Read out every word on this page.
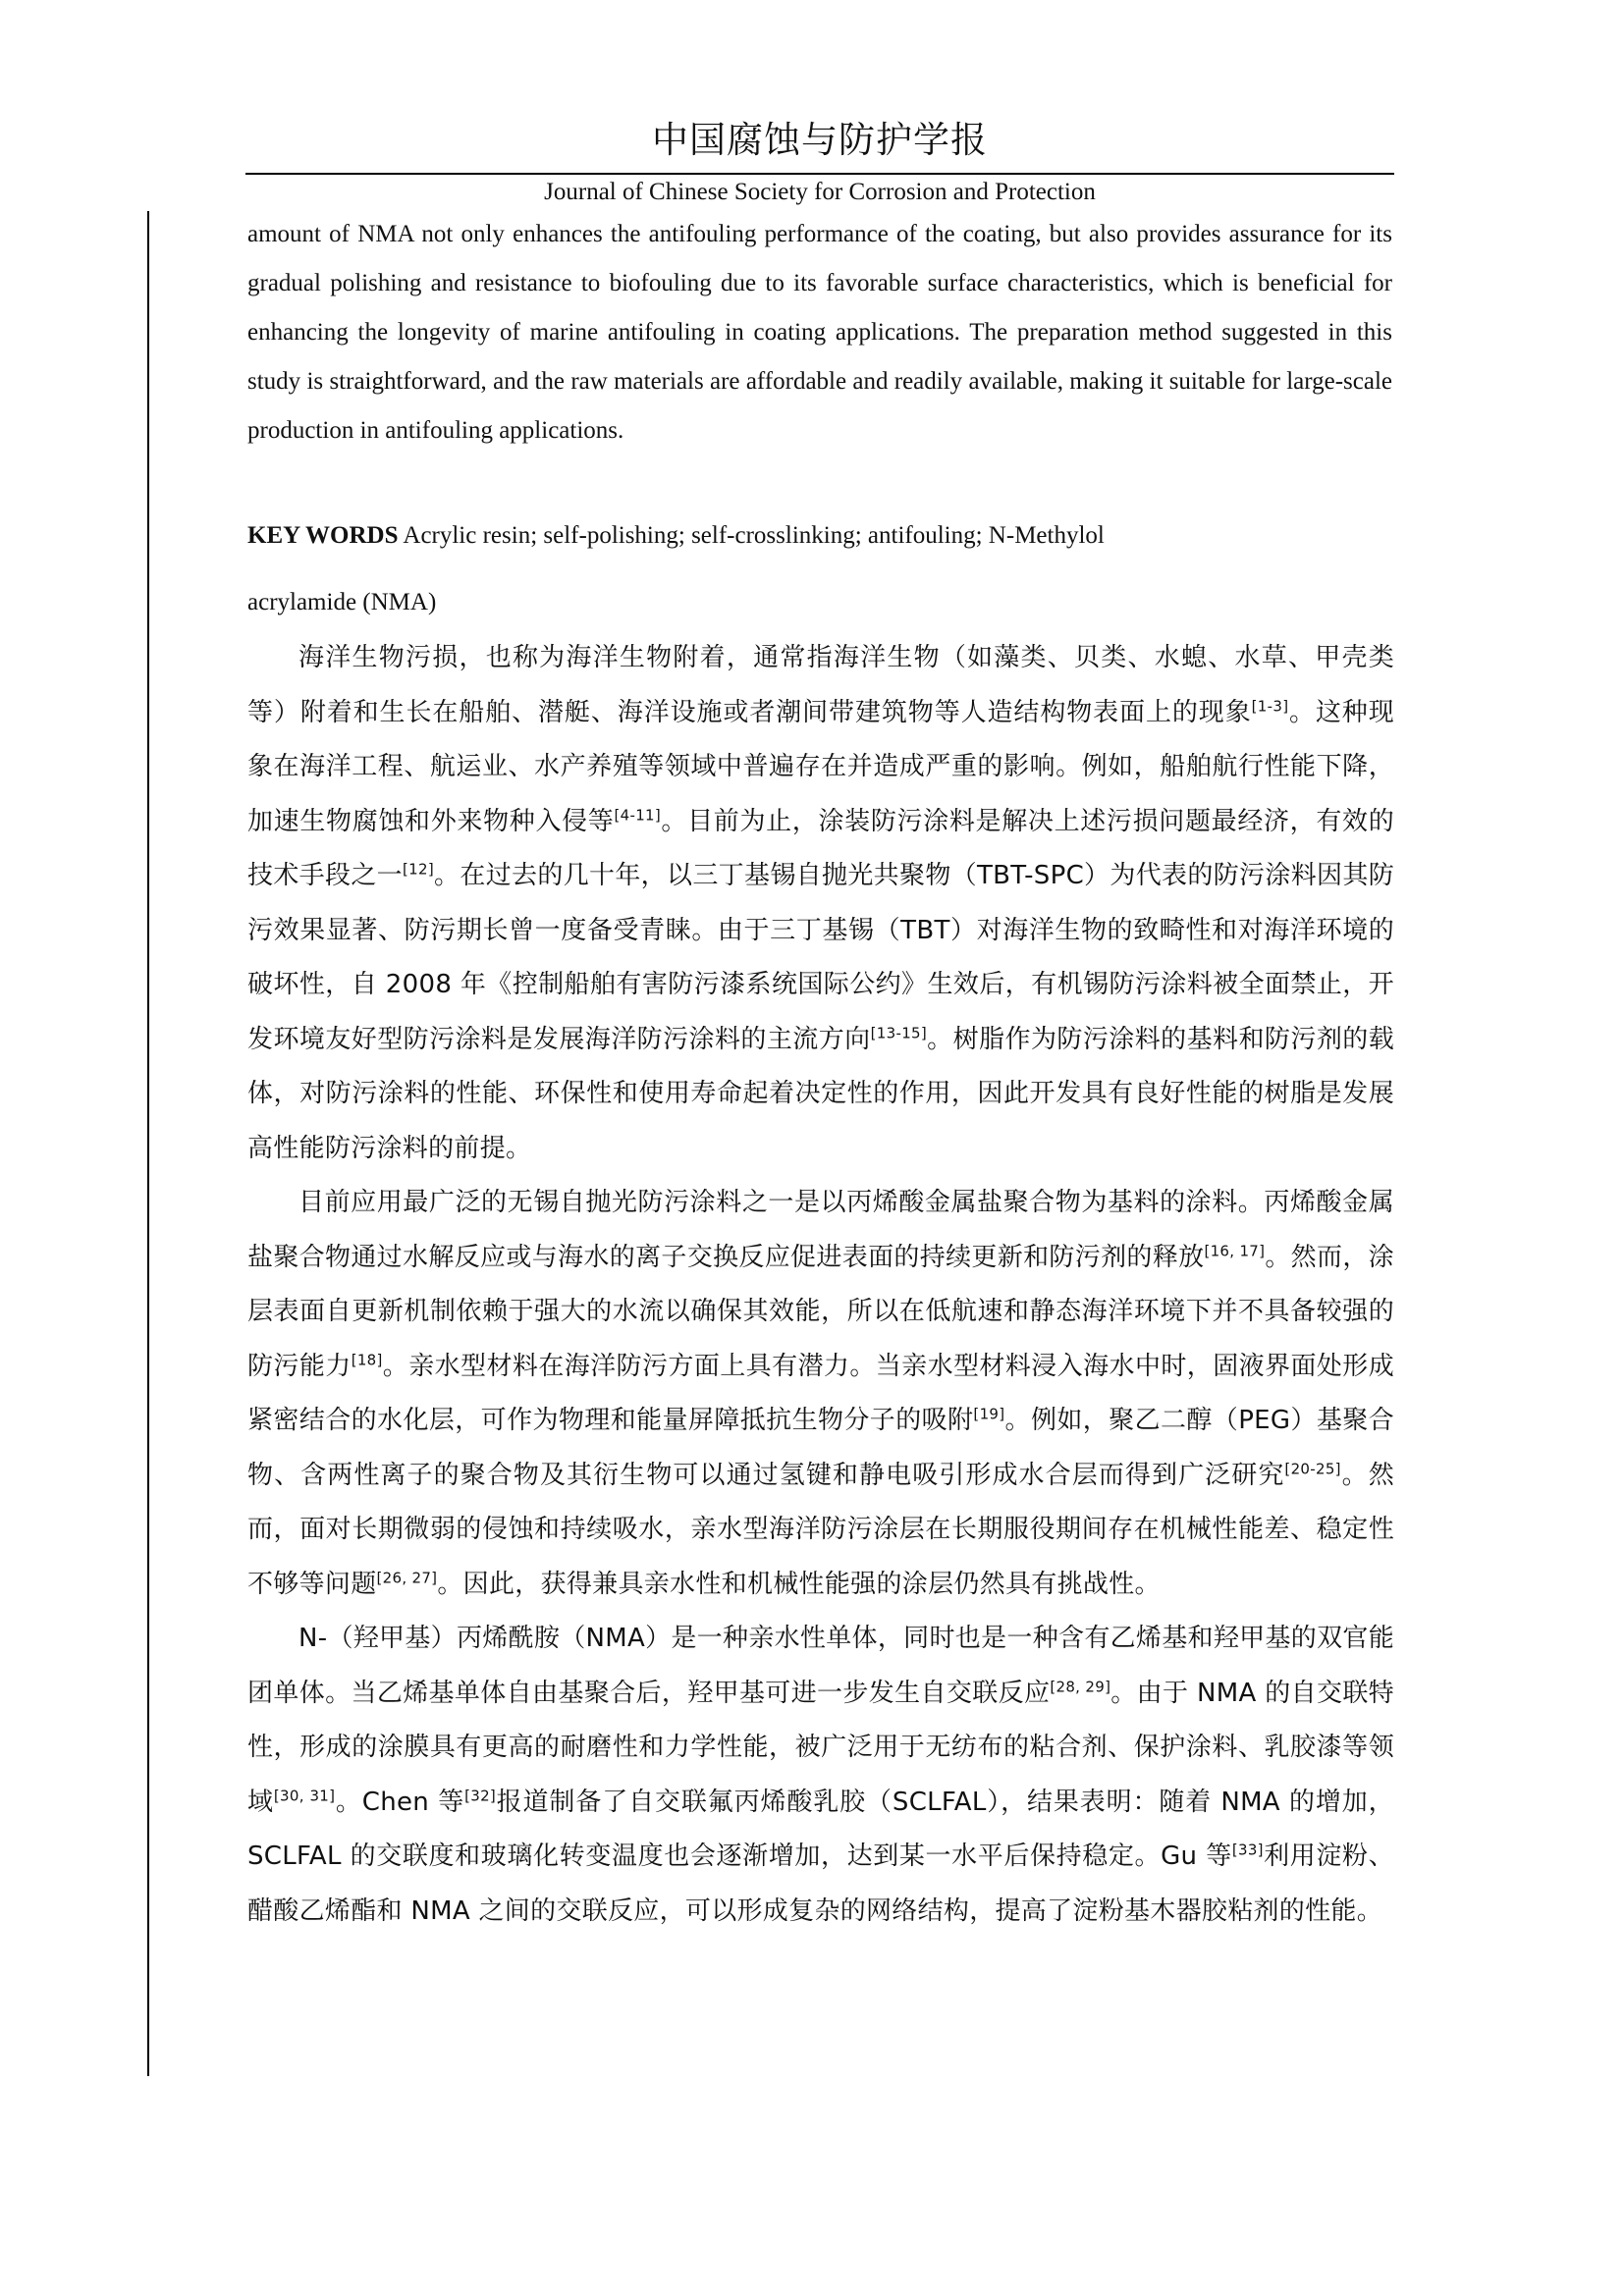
中国腐蚀与防护学报
Journal of Chinese Society for Corrosion and Protection

amount of NMA not only enhances the antifouling performance of the coating, but also provides assurance for its gradual polishing and resistance to biofouling due to its favorable surface characteristics, which is beneficial for enhancing the longevity of marine antifouling in coating applications. The preparation method suggested in this study is straightforward, and the raw materials are affordable and readily available, making it suitable for large-scale production in antifouling applications.

KEY WORDS Acrylic resin; self-polishing; self-crosslinking; antifouling; N-Methylol

acrylamide (NMA)

海洋生物污损，也称为海洋生物附着，通常指海洋生物（如藻类、贝类、水螅、水草、甲壳类等）附着和生长在船舶、潜艇、海洋设施或者潮间带建筑物等人造结构物表面上的现象[1-3]。这种现象在海洋工程、航运业、水产养殖等领域中普遍存在并造成严重的影响。例如，船舶航行性能下降，加速生物腐蚀和外来物种入侵等[4-11]。目前为止，涂装防污涂料是解决上述污损问题最经济，有效的技术手段之一[12]。在过去的几十年，以三丁基锡自抛光共聚物（TBT-SPC）为代表的防污涂料因其防污效果显著、防污期长曾一度备受青睐。由于三丁基锡（TBT）对海洋生物的致畸性和对海洋环境的破坏性，自 2008 年《控制船舶有害防污漆系统国际公约》生效后，有机锡防污涂料被全面禁止，开发环境友好型防污涂料是发展海洋防污涂料的主流方向[13-15]。树脂作为防污涂料的基料和防污剂的载体，对防污涂料的性能、环保性和使用寿命起着决定性的作用，因此开发具有良好性能的树脂是发展高性能防污涂料的前提。

目前应用最广泛的无锡自抛光防污涂料之一是以丙烯酸金属盐聚合物为基料的涂料。丙烯酸金属盐聚合物通过水解反应或与海水的离子交换反应促进表面的持续更新和防污剂的释放[16, 17]。然而，涂层表面自更新机制依赖于强大的水流以确保其效能，所以在低航速和静态海洋环境下并不具备较强的防污能力[18]。亲水型材料在海洋防污方面上具有潜力。当亲水型材料浸入海水中时，固液界面处形成紧密结合的水化层，可作为物理和能量屏障抵抗生物分子的吸附[19]。例如，聚乙二醇（PEG）基聚合物、含两性离子的聚合物及其衍生物可以通过氢键和静电吸引形成水合层而得到广泛研究[20-25]。然而，面对长期微弱的侵蚀和持续吸水，亲水型海洋防污涂层在长期服役期间存在机械性能差、稳定性不够等问题[26, 27]。因此，获得兼具亲水性和机械性能强的涂层仍然具有挑战性。

N-（羟甲基）丙烯酰胺（NMA）是一种亲水性单体，同时也是一种含有乙烯基和羟甲基的双官能团单体。当乙烯基单体自由基聚合后，羟甲基可进一步发生自交联反应[28, 29]。由于 NMA 的自交联特性，形成的涂膜具有更高的耐磨性和力学性能，被广泛用于无纺布的粘合剂、保护涂料、乳胶漆等领域[30, 31]。Chen 等[32]报道制备了自交联氟丙烯酸乳胶（SCLFAL），结果表明：随着 NMA 的增加，SCLFAL 的交联度和玻璃化转变温度也会逐渐增加，达到某一水平后保持稳定。Gu 等[33]利用淀粉、醋酸乙烯酯和 NMA 之间的交联反应，可以形成复杂的网络结构，提高了淀粉基木器胶粘剂的性能。
